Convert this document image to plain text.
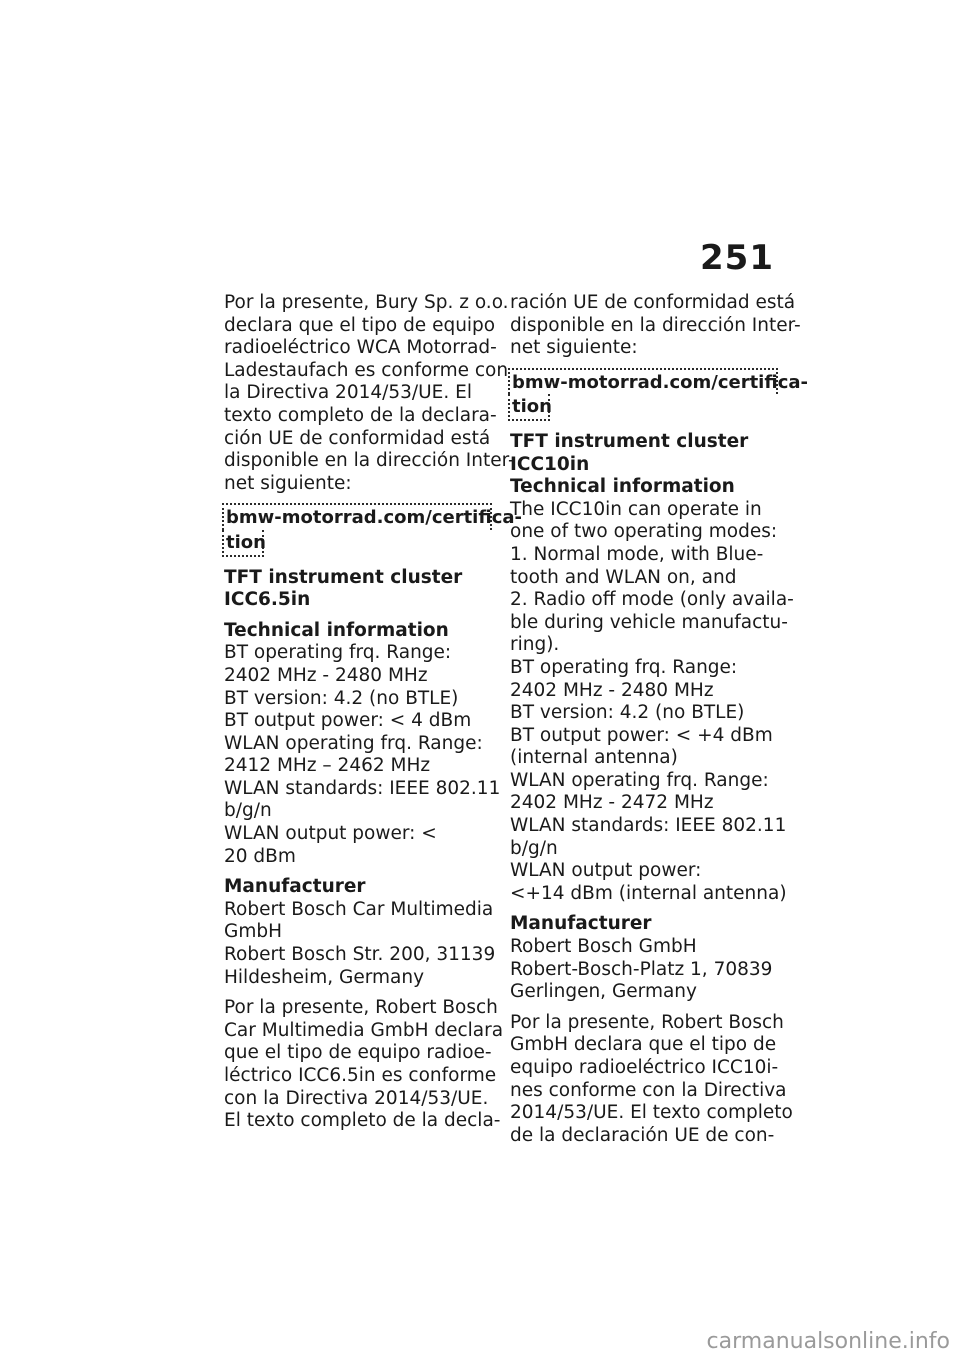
251
Por la presente, Bury Sp. z o.o.
declara que el tipo de equipo
radioeléctrico WCA Motorrad-
Ladestaufach es conforme con
la Directiva 2014/53/UE. El
texto completo de la declara-
ción UE de conformidad está
disponible en la dirección Inter-
net siguiente:
bmw-motorrad.com/certifica-
tion
TFT instrument cluster
ICC6.5in
Technical information
BT operating frq. Range:
2402 MHz - 2480 MHz
BT version: 4.2 (no BTLE)
BT output power: < 4 dBm
WLAN operating frq. Range:
2412 MHz – 2462 MHz
WLAN standards: IEEE 802.11
b/g/n
WLAN output power: <
20 dBm
Manufacturer
Robert Bosch Car Multimedia
GmbH
Robert Bosch Str. 200, 31139
Hildesheim, Germany
Por la presente, Robert Bosch
Car Multimedia GmbH declara
que el tipo de equipo radioe-
léctrico ICC6.5in es conforme
con la Directiva 2014/53/UE.
El texto completo de la decla-
ración UE de conformidad está
disponible en la dirección Inter-
net siguiente:
bmw-motorrad.com/certifica-
tion
TFT instrument cluster
ICC10in
Technical information
The ICC10in can operate in
one of two operating modes:
1. Normal mode, with Blue-
tooth and WLAN on, and
2. Radio off mode (only availa-
ble during vehicle manufactu-
ring).
BT operating frq. Range:
2402 MHz - 2480 MHz
BT version: 4.2 (no BTLE)
BT output power: < +4 dBm
(internal antenna)
WLAN operating frq. Range:
2402 MHz - 2472 MHz
WLAN standards: IEEE 802.11
b/g/n
WLAN output power:
<+14 dBm (internal antenna)
Manufacturer
Robert Bosch GmbH
Robert-Bosch-Platz 1, 70839
Gerlingen, Germany
Por la presente, Robert Bosch
GmbH declara que el tipo de
equipo radioeléctrico ICC10i-
nes conforme con la Directiva
2014/53/UE. El texto completo
de la declaración UE de con-
carmanualsonline.info
